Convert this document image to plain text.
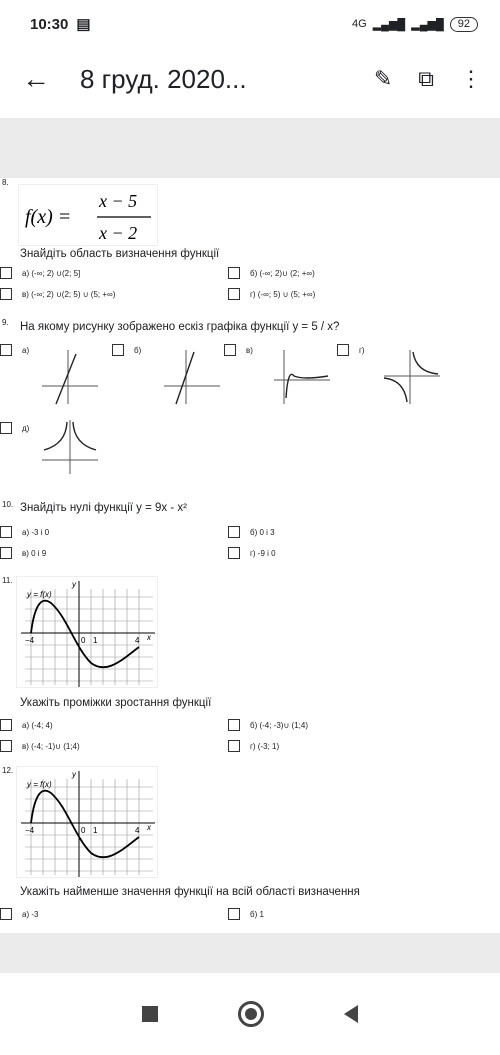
10:30 ▤	4G ▂▄▆█ ▂▄▆█	92
← 8 груд. 2020...	✎ ⧉ ⋮
8.
f(x) =
x − 5
x − 2
Знайдіть область визначення функції
а) (-∞; 2) ∪(2; 5]	б) (-∞; 2)∪ (2; +∞)
в) (-∞; 2) ∪(2; 5) ∪ (5; +∞)	г) (-∞; 5) ∪ (5; +∞)
9. На якому рисунку зображено ескіз графіка функції y = 5 / x?
а)	б)	в)	г)
д)
10. Знайдіть нулі функції y = 9x - x²
а) -3 і 0	б) 0 і 3
в) 0 і 9	г) -9 і 0
11.
y = f(x)
−4	0 1	4 x
y
Укажіть проміжки зростання функції
а) (-4; 4)	б) (-4; -3)∪ (1;4)
в) (-4; -1)∪ (1;4)	г) (-3; 1)
12.
y = f(x)
−4	0 1	4 x
y
Укажіть найменше значення функції на всій області визначення
а) -3	б) 1
